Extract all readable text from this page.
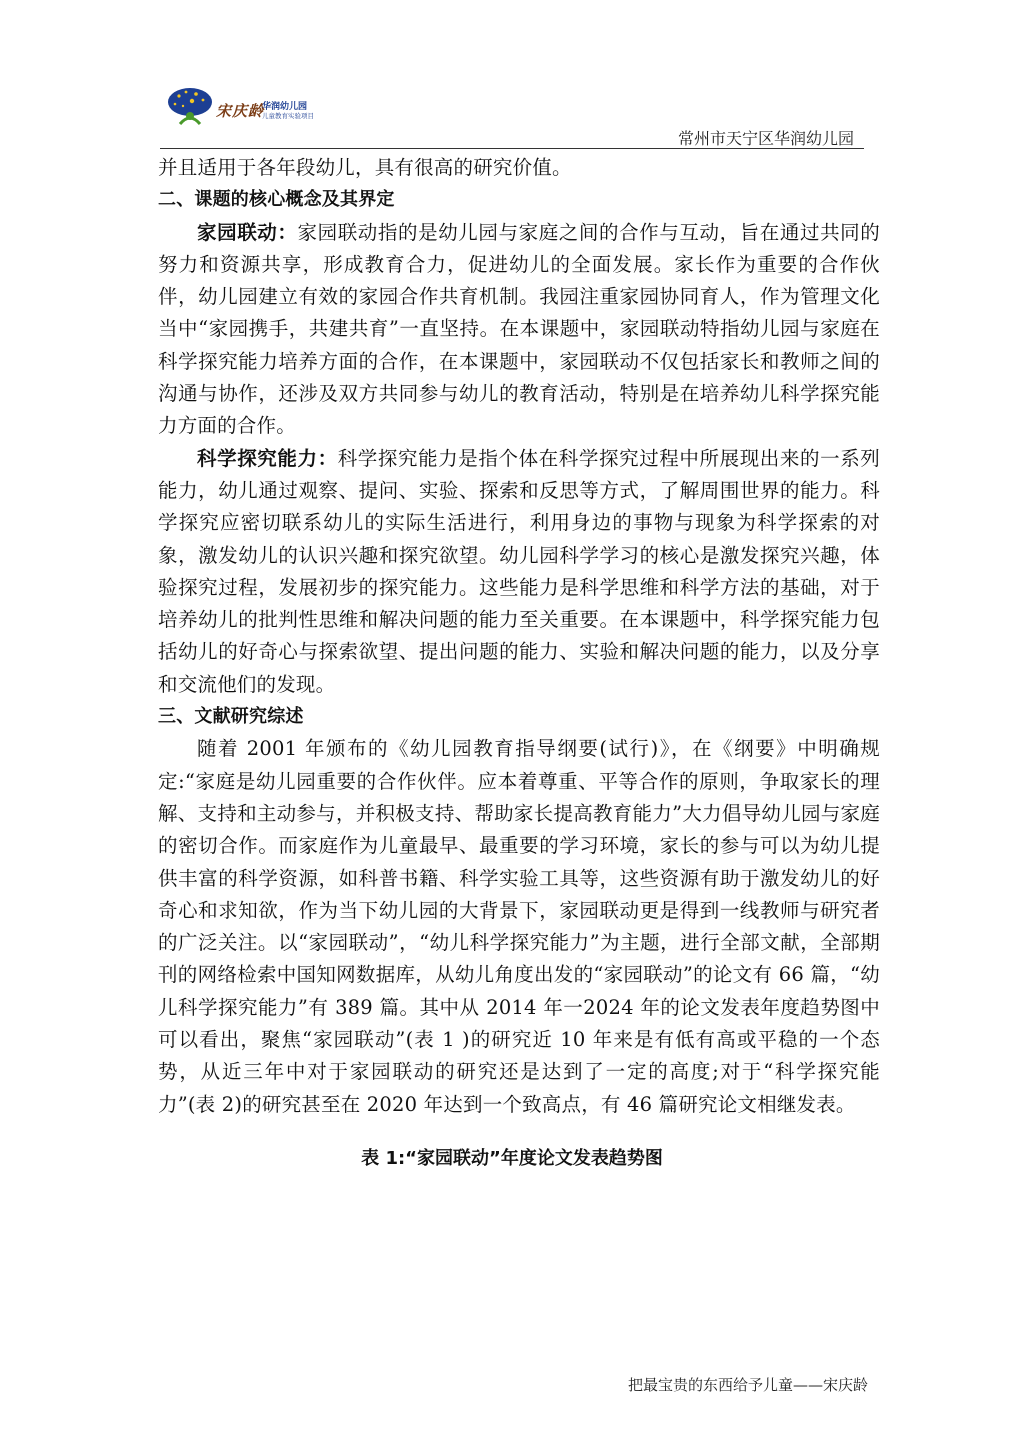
宋庆龄
华润幼儿园
儿童教育实验项目
常州市天宁区华润幼儿园

并且适用于各年段幼儿，具有很高的研究价值。

二、课题的核心概念及其界定

家园联动：家园联动指的是幼儿园与家庭之间的合作与互动，旨在通过共同的努力和资源共享，形成教育合力，促进幼儿的全面发展。家长作为重要的合作伙伴，幼儿园建立有效的家园合作共育机制。我园注重家园协同育人，作为管理文化当中“家园携手，共建共育”一直坚持。在本课题中，家园联动特指幼儿园与家庭在科学探究能力培养方面的合作，在本课题中，家园联动不仅包括家长和教师之间的沟通与协作，还涉及双方共同参与幼儿的教育活动，特别是在培养幼儿科学探究能力方面的合作。

科学探究能力：科学探究能力是指个体在科学探究过程中所展现出来的一系列能力，幼儿通过观察、提问、实验、探索和反思等方式，了解周围世界的能力。科学探究应密切联系幼儿的实际生活进行，利用身边的事物与现象为科学探索的对象，激发幼儿的认识兴趣和探究欲望。幼儿园科学学习的核心是激发探究兴趣，体验探究过程，发展初步的探究能力。这些能力是科学思维和科学方法的基础，对于培养幼儿的批判性思维和解决问题的能力至关重要。在本课题中，科学探究能力包括幼儿的好奇心与探索欲望、提出问题的能力、实验和解决问题的能力，以及分享和交流他们的发现。

三、文献研究综述

随着 2001 年颁布的《幼儿园教育指导纲要(试行)》，在《纲要》中明确规定:“家庭是幼儿园重要的合作伙伴。应本着尊重、平等合作的原则，争取家长的理解、支持和主动参与，并积极支持、帮助家长提高教育能力”大力倡导幼儿园与家庭的密切合作。而家庭作为儿童最早、最重要的学习环境，家长的参与可以为幼儿提供丰富的科学资源，如科普书籍、科学实验工具等，这些资源有助于激发幼儿的好奇心和求知欲，作为当下幼儿园的大背景下，家园联动更是得到一线教师与研究者的广泛关注。以“家园联动”，“幼儿科学探究能力”为主题，进行全部文献，全部期刊的网络检索中国知网数据库，从幼儿角度出发的“家园联动”的论文有 66 篇，“幼儿科学探究能力”有 389 篇。其中从 2014 年一2024 年的论文发表年度趋势图中可以看出，聚焦“家园联动”(表 1 )的研究近 10 年来是有低有高或平稳的一个态势，从近三年中对于家园联动的研究还是达到了一定的高度;对于“科学探究能力”(表 2)的研究甚至在 2020 年达到一个致高点，有 46 篇研究论文相继发表。

表 1:“家园联动”年度论文发表趋势图
把最宝贵的东西给予儿童——宋庆龄
